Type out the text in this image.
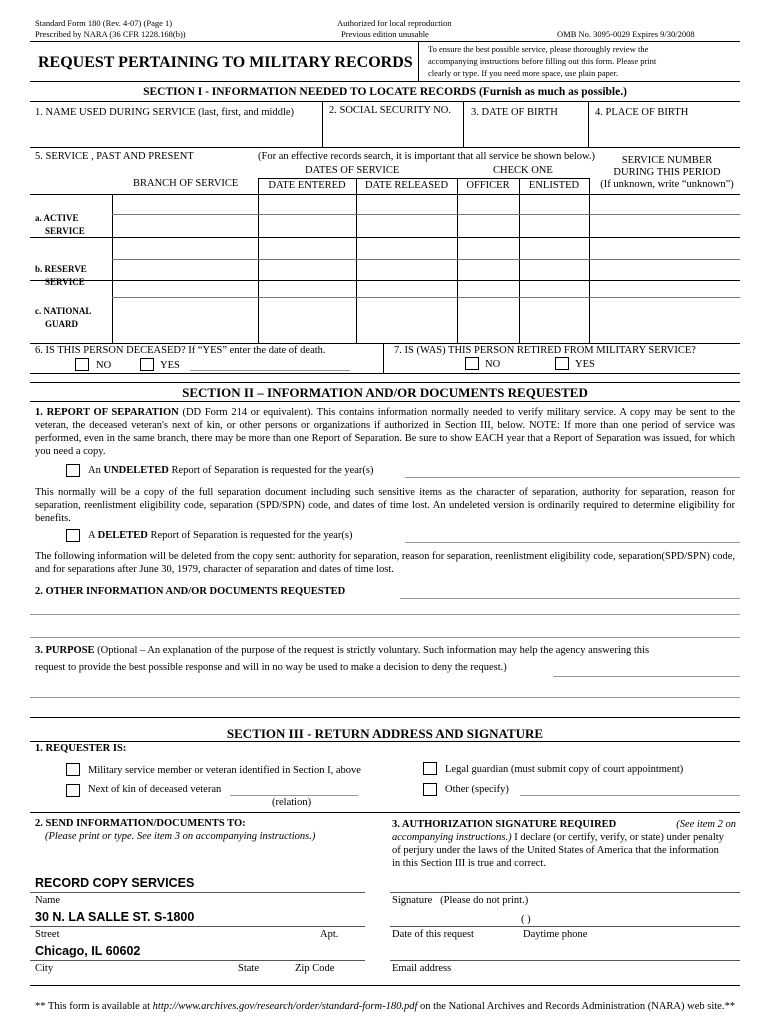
Standard Form 180 (Rev. 4-07) (Page 1)
Prescribed by NARA (36 CFR 1228.168(b))
Authorized for local reproduction
Previous edition unusable	OMB No. 3095-0029 Expires 9/30/2008
REQUEST PERTAINING TO MILITARY RECORDS
To ensure the best possible service, please thoroughly review the
accompanying instructions before filling out this form. Please print
clearly or type. If you need more space, use plain paper.
SECTION I - INFORMATION NEEDED TO LOCATE RECORDS (Furnish as much as possible.)
1. NAME USED DURING SERVICE (last, first, and middle)	2. SOCIAL SECURITY NO. 3. DATE OF BIRTH	4. PLACE OF BIRTH
5. SERVICE , PAST AND PRESENT	(For an effective records search, it is important that all service be shown below.)
DATES OF SERVICE	CHECK ONE
BRANCH OF SERVICE
SERVICE NUMBER
DURING THIS PERIOD
(If unknown, write “unknown”)
DATE ENTERED	DATE RELEASED	OFFICER	ENLISTED
a. ACTIVE
SERVICE
b. RESERVE
SERVICE
c. NATIONAL
GUARD
6. IS THIS PERSON DECEASED? If “YES” enter the date of death.	7. IS (WAS) THIS PERSON RETIRED FROM MILITARY SERVICE?
NO	YES	NO	YES
SECTION II – INFORMATION AND/OR DOCUMENTS REQUESTED
1. REPORT OF SEPARATION (DD Form 214 or equivalent). This contains information normally needed to verify military service. A copy may be sent to the veteran, the deceased veteran's next of kin, or other persons or organizations if authorized in Section III, below. NOTE: If more than one period of service was performed, even in the same branch, there may be more than one Report of Separation. Be sure to show EACH year that a Report of Separation was issued, for which you need a copy.
An UNDELETED Report of Separation is requested for the year(s)
This normally will be a copy of the full separation document including such sensitive items as the character of separation, authority for separation, reason for separation, reenlistment eligibility code, separation (SPD/SPN) code, and dates of time lost. An undeleted version is ordinarily required to determine eligibility for benefits.
A DELETED Report of Separation is requested for the year(s)
The following information will be deleted from the copy sent: authority for separation, reason for separation, reenlistment eligibility code, separation(SPD/SPN) code, and for separations after June 30, 1979, character of separation and dates of time lost.
2. OTHER INFORMATION AND/OR DOCUMENTS REQUESTED
3. PURPOSE (Optional – An explanation of the purpose of the request is strictly voluntary. Such information may help the agency answering this
request to provide the best possible response and will in no way be used to make a decision to deny the request.)
SECTION III - RETURN ADDRESS AND SIGNATURE
1. REQUESTER IS:
Military service member or veteran identified in Section I, above
Next of kin of deceased veteran
(relation)
Legal guardian (must submit copy of court appointment)
Other (specify)
2. SEND INFORMATION/DOCUMENTS TO:
(Please print or type. See item 3 on accompanying instructions.)
3. AUTHORIZATION SIGNATURE REQUIRED	(See item 2 on
accompanying instructions.) I declare (or certify, verify, or state) under penalty
of perjury under the laws of the United States of America that the information
in this Section III is true and correct.
RECORD COPY SERVICES
Name
30 N. LA SALLE ST. S-1800
Street	Apt.
Chicago, IL 60602
City	State	Zip Code
Signature (Please do not print.)
( )
Date of this request	Daytime phone
Email address
** This form is available at http://www.archives.gov/research/order/standard-form-180.pdf on the National Archives and Records Administration (NARA) web site.**
